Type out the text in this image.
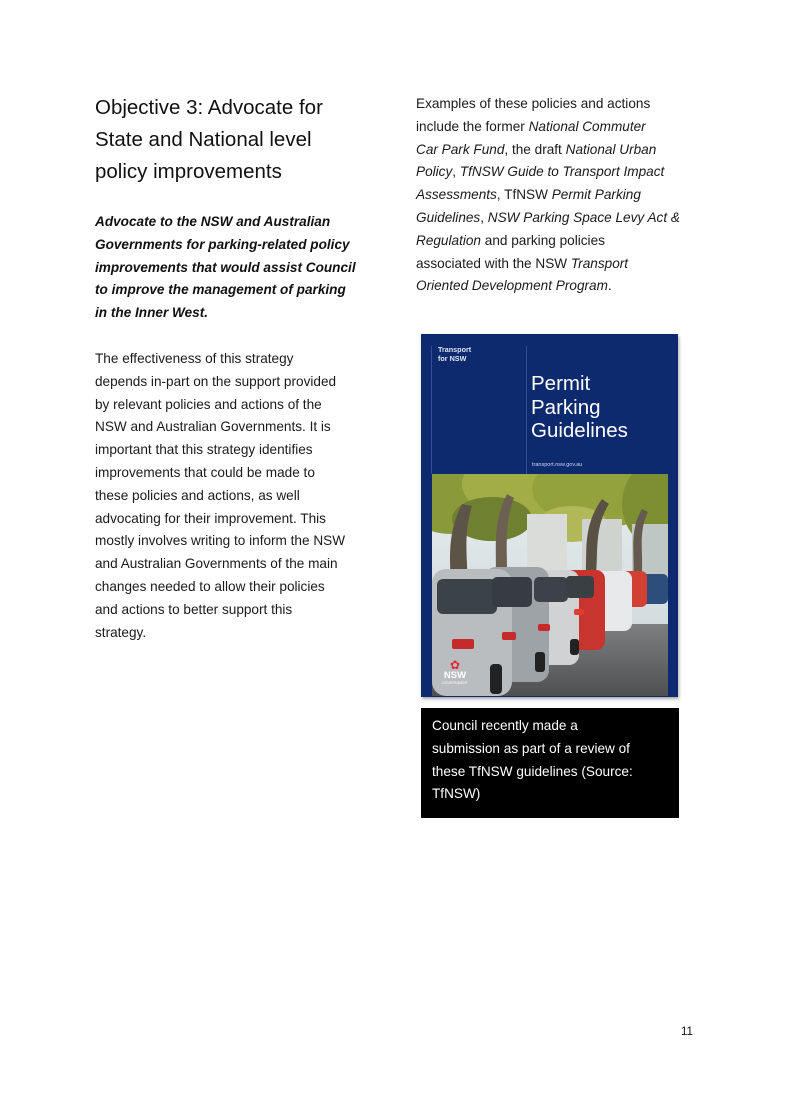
Objective 3: Advocate for
State and National level
policy improvements
Advocate to the NSW and Australian
Governments for parking-related policy
improvements that would assist Council
to improve the management of parking
in the Inner West.
The effectiveness of this strategy
depends in-part on the support provided
by relevant policies and actions of the
NSW and Australian Governments. It is
important that this strategy identifies
improvements that could be made to
these policies and actions, as well
advocating for their improvement. This
mostly involves writing to inform the NSW
and Australian Governments of the main
changes needed to allow their policies
and actions to better support this
strategy.
Examples of these policies and actions
include the former National Commuter
Car Park Fund, the draft National Urban
Policy, TfNSW Guide to Transport Impact
Assessments, TfNSW Permit Parking
Guidelines, NSW Parking Space Levy Act &
Regulation and parking policies
associated with the NSW Transport
Oriented Development Program.
Transport
for NSW
Permit
Parking
Guidelines
transport.nsw.gov.au
✿
NSW
GOVERNMENT
Council recently made a
submission as part of a review of
these TfNSW guidelines (Source:
TfNSW)
11
